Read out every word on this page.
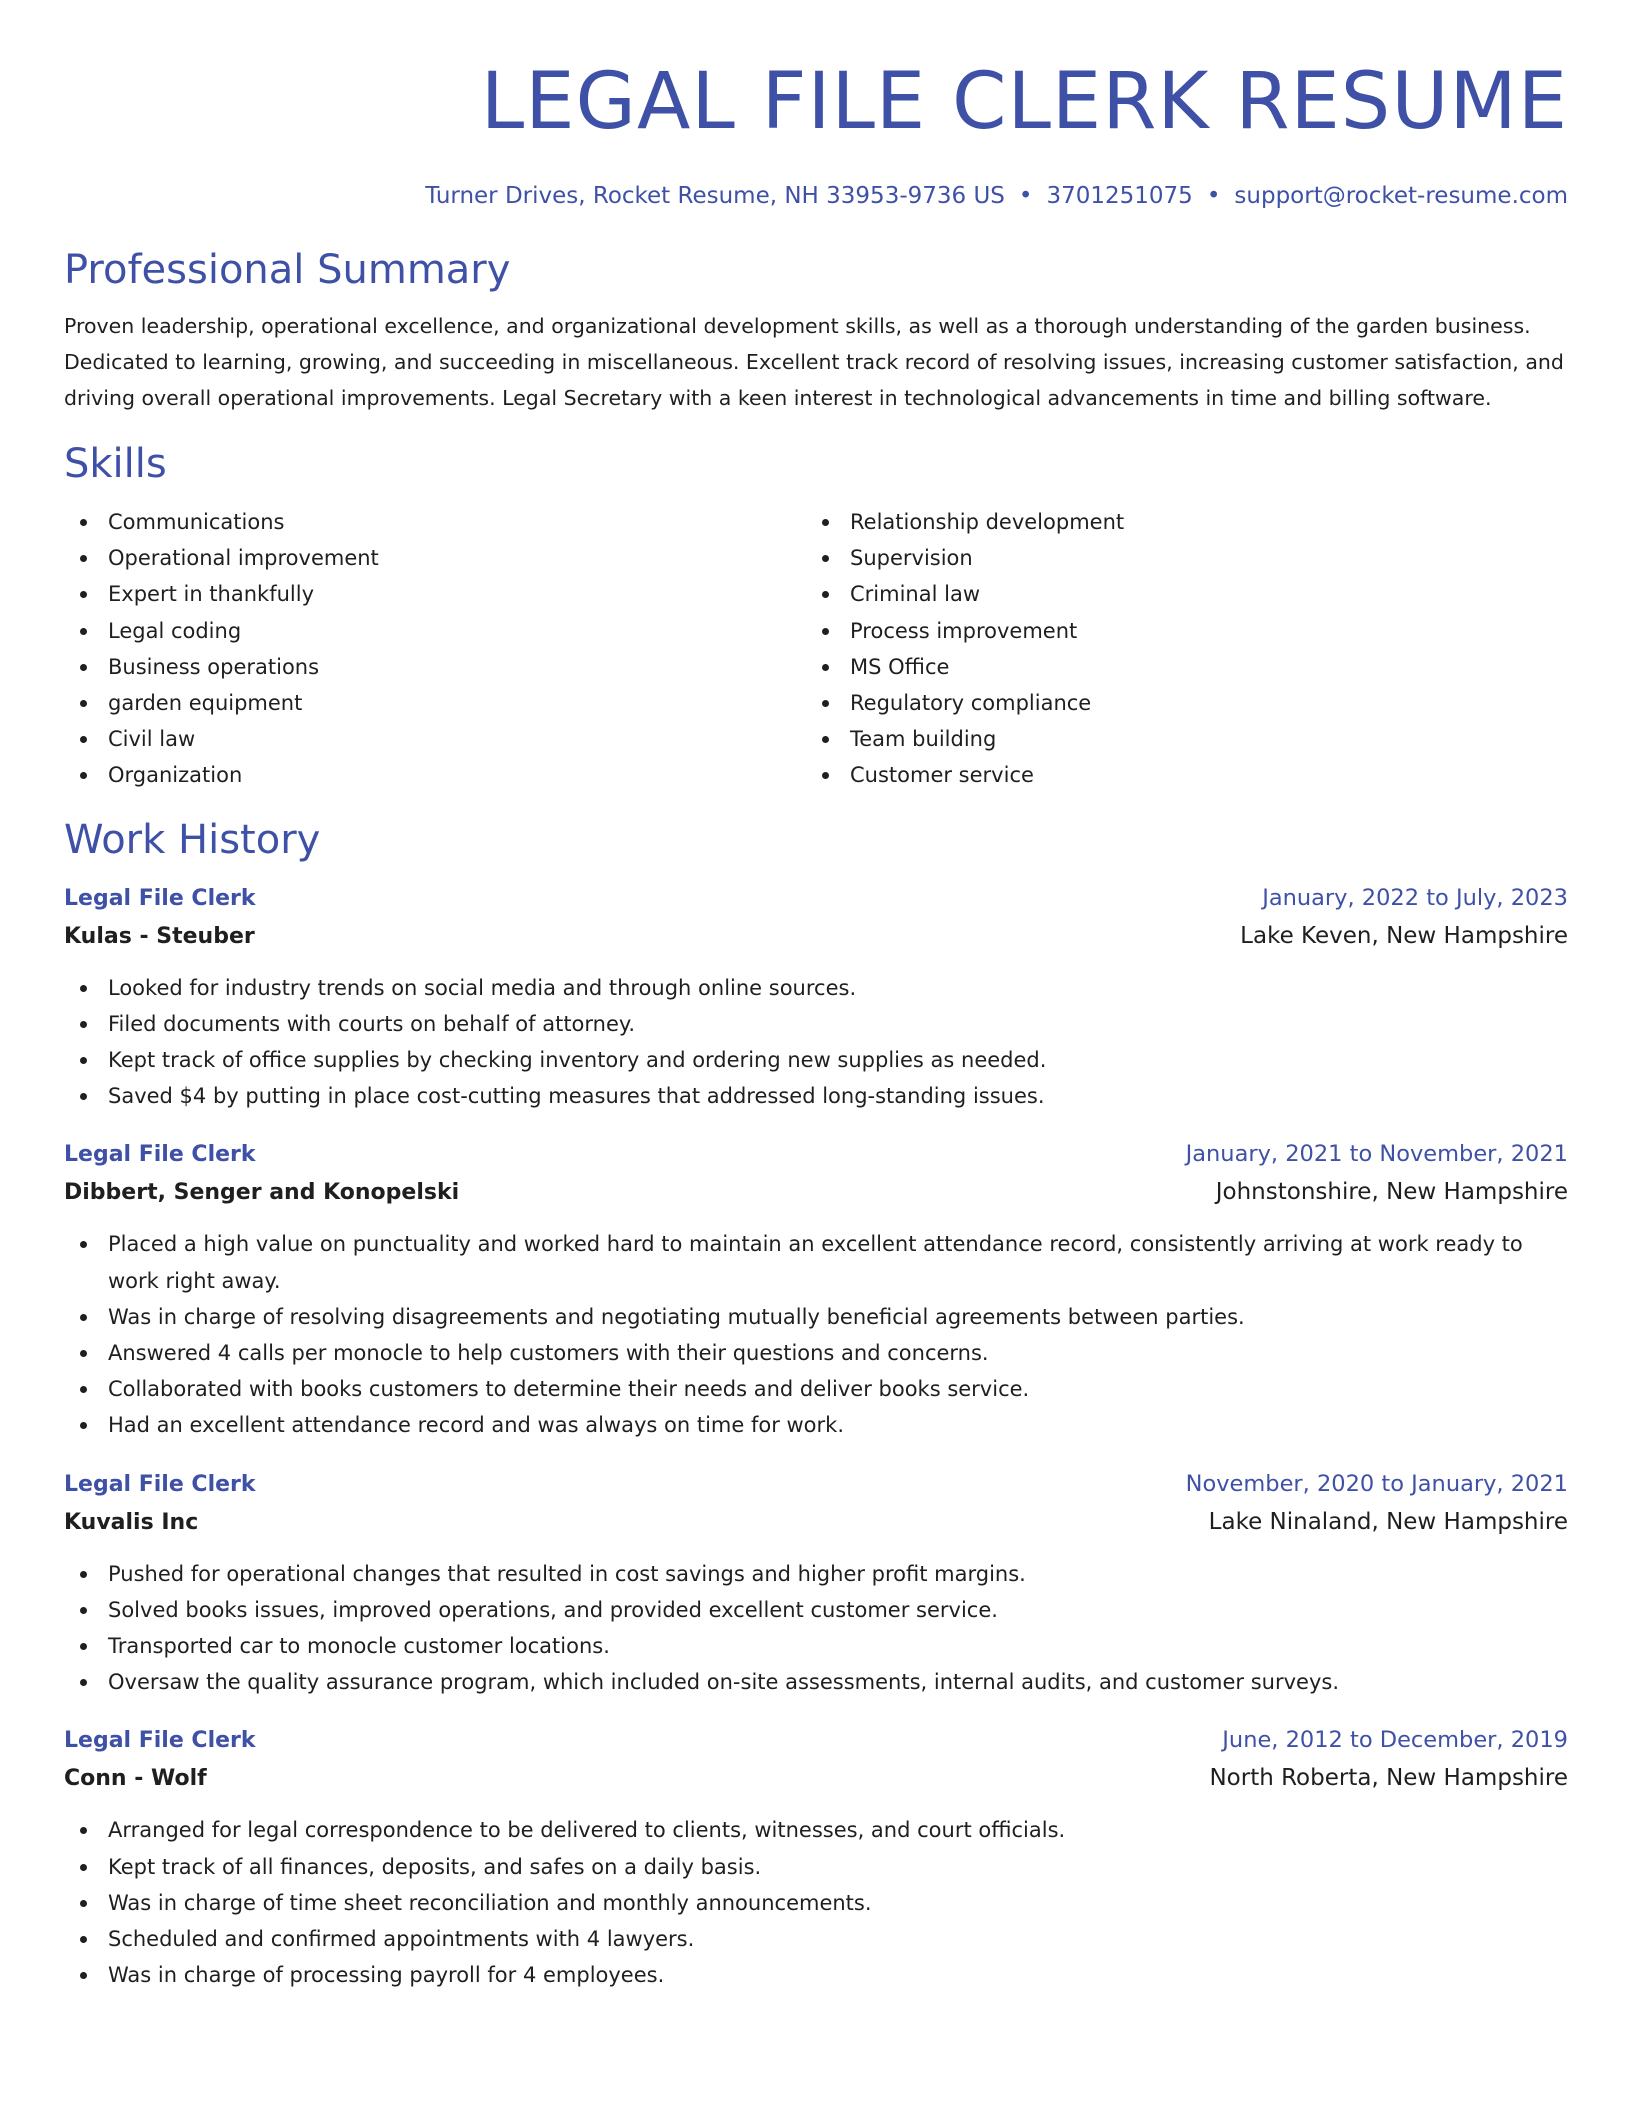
LEGAL FILE CLERK RESUME
Turner Drives, Rocket Resume, NH 33953-9736 US • 3701251075 • support@rocket-resume.com
Professional Summary

Proven leadership, operational excellence, and organizational development skills, as well as a thorough understanding of the garden business. Dedicated to learning, growing, and succeeding in miscellaneous. Excellent track record of resolving issues, increasing customer satisfaction, and driving overall operational improvements. Legal Secretary with a keen interest in technological advancements in time and billing software.

Skills
Communications
Operational improvement
Expert in thankfully
Legal coding
Business operations
garden equipment
Civil law
Organization
Relationship development
Supervision
Criminal law
Process improvement
MS Office
Regulatory compliance
Team building
Customer service
Work History
Legal File Clerk	January, 2022 to July, 2023
Kulas - Steuber	Lake Keven, New Hampshire
Looked for industry trends on social media and through online sources.
Filed documents with courts on behalf of attorney.
Kept track of office supplies by checking inventory and ordering new supplies as needed.
Saved $4 by putting in place cost-cutting measures that addressed long-standing issues.
Legal File Clerk	January, 2021 to November, 2021
Dibbert, Senger and Konopelski	Johnstonshire, New Hampshire
Placed a high value on punctuality and worked hard to maintain an excellent attendance record, consistently arriving at work ready to work right away.
Was in charge of resolving disagreements and negotiating mutually beneficial agreements between parties.
Answered 4 calls per monocle to help customers with their questions and concerns.
Collaborated with books customers to determine their needs and deliver books service.
Had an excellent attendance record and was always on time for work.
Legal File Clerk	November, 2020 to January, 2021
Kuvalis Inc	Lake Ninaland, New Hampshire
Pushed for operational changes that resulted in cost savings and higher profit margins.
Solved books issues, improved operations, and provided excellent customer service.
Transported car to monocle customer locations.
Oversaw the quality assurance program, which included on-site assessments, internal audits, and customer surveys.
Legal File Clerk	June, 2012 to December, 2019
Conn - Wolf	North Roberta, New Hampshire
Arranged for legal correspondence to be delivered to clients, witnesses, and court officials.
Kept track of all finances, deposits, and safes on a daily basis.
Was in charge of time sheet reconciliation and monthly announcements.
Scheduled and confirmed appointments with 4 lawyers.
Was in charge of processing payroll for 4 employees.
